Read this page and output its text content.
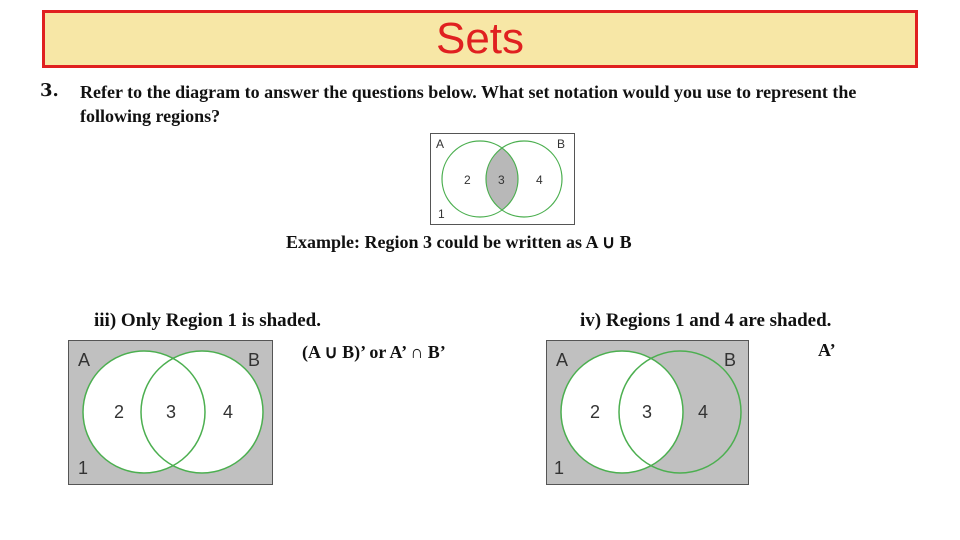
Sets
3. Refer to the diagram to answer the questions below. What set notation would you use to represent the following regions?
A	B
2 3	4
1
Example: Region 3 could be written as A ∪ B
iii) Only Region 1 is shaded.
(A ∪ B)’ or A’ ∩ B’
A	B
2 3	4
1
iv) Regions 1 and 4 are shaded.
A’
A	B
2 3	4
1
